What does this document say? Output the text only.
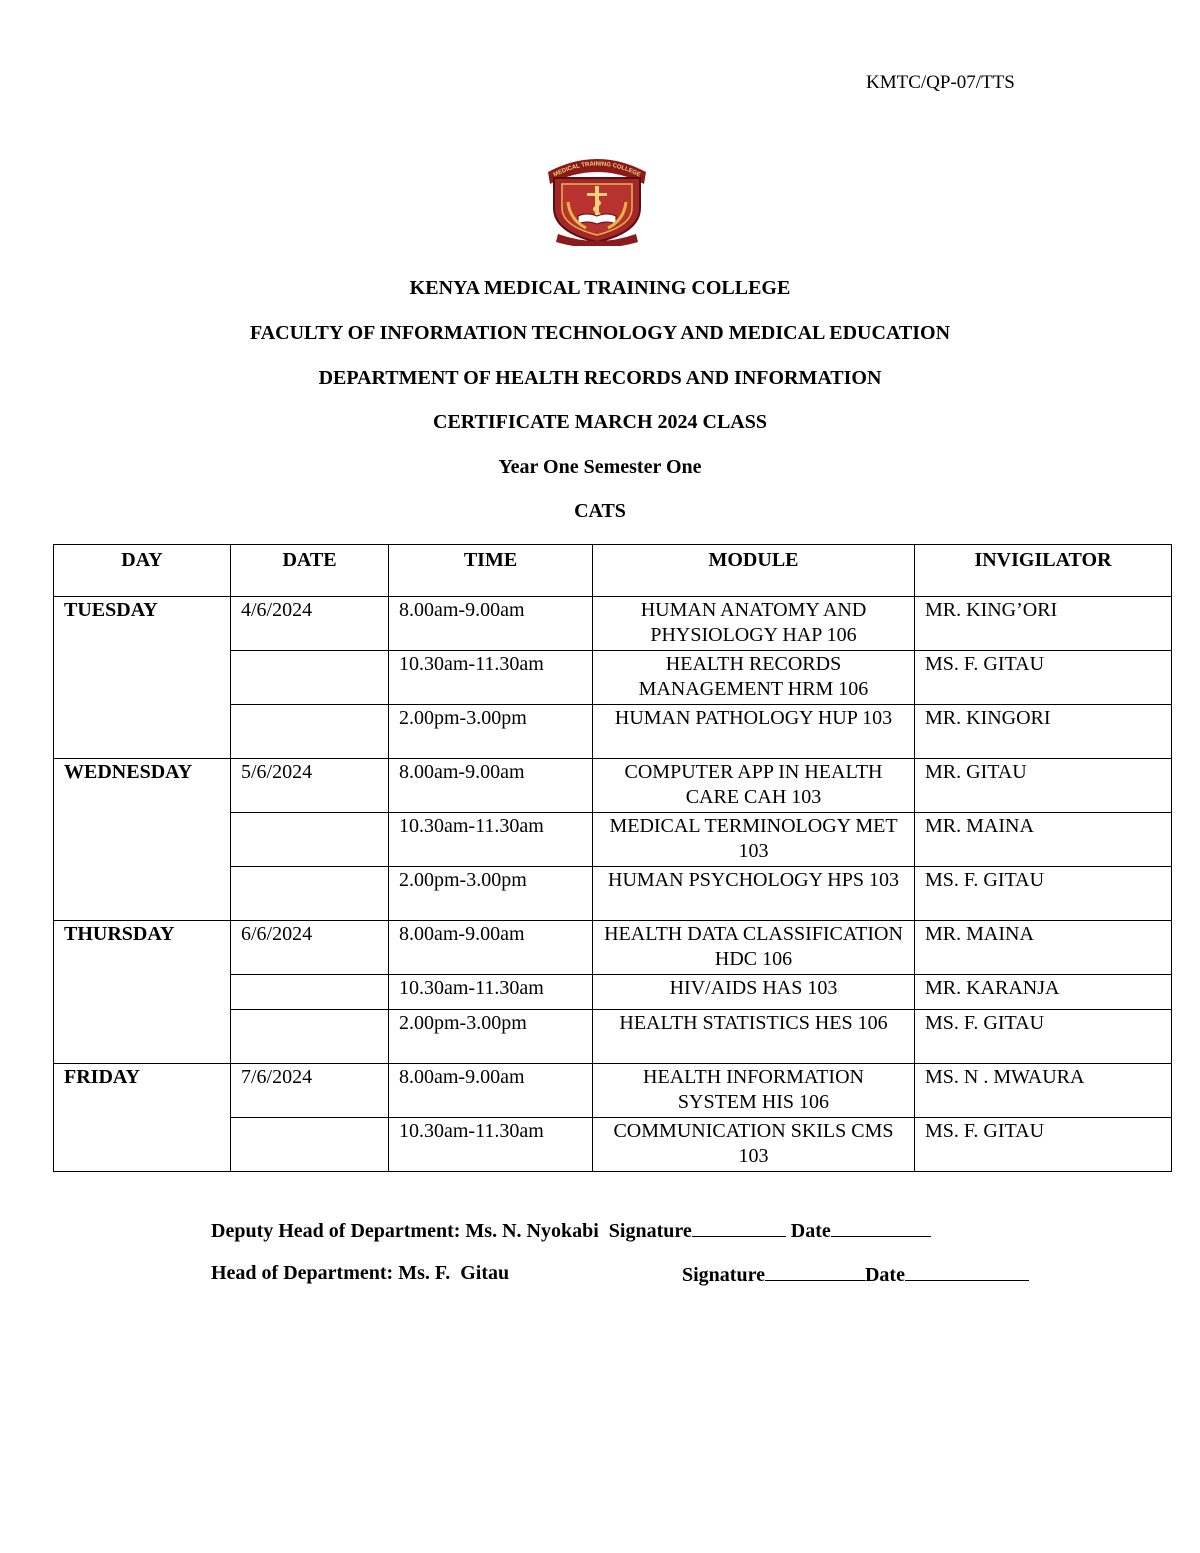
KMTC/QP-07/TTS
MEDICAL TRAINING COLLEGE
KENYA MEDICAL TRAINING COLLEGE
FACULTY OF INFORMATION TECHNOLOGY AND MEDICAL EDUCATION
DEPARTMENT OF HEALTH RECORDS AND INFORMATION
CERTIFICATE MARCH 2024 CLASS
Year One Semester One
CATS
DAY	DATE	TIME	MODULE	INVIGILATOR
TUESDAY	4/6/2024	8.00am-9.00am	HUMAN ANATOMY AND PHYSIOLOGY HAP 106	MR. KING’ORI
		10.30am-11.30am	HEALTH RECORDS MANAGEMENT HRM 106	MS. F. GITAU
		2.00pm-3.00pm	HUMAN PATHOLOGY HUP 103	MR. KINGORI
WEDNESDAY	5/6/2024	8.00am-9.00am	COMPUTER APP IN HEALTH CARE CAH 103	MR. GITAU
		10.30am-11.30am	MEDICAL TERMINOLOGY MET 103	MR. MAINA
		2.00pm-3.00pm	HUMAN PSYCHOLOGY HPS 103	MS. F. GITAU
THURSDAY	6/6/2024	8.00am-9.00am	HEALTH DATA CLASSIFICATION HDC 106	MR. MAINA
		10.30am-11.30am	HIV/AIDS HAS 103	MR. KARANJA
		2.00pm-3.00pm	HEALTH STATISTICS HES 106	MS. F. GITAU
FRIDAY	7/6/2024	8.00am-9.00am	HEALTH INFORMATION SYSTEM HIS 106	MS. N . MWAURA
		10.30am-11.30am	COMMUNICATION SKILS CMS 103	MS. F. GITAU
Deputy Head of Department: Ms. N. Nyokabi Signature	Date
Head of Department: Ms. F.  Gitau	Signature	Date
